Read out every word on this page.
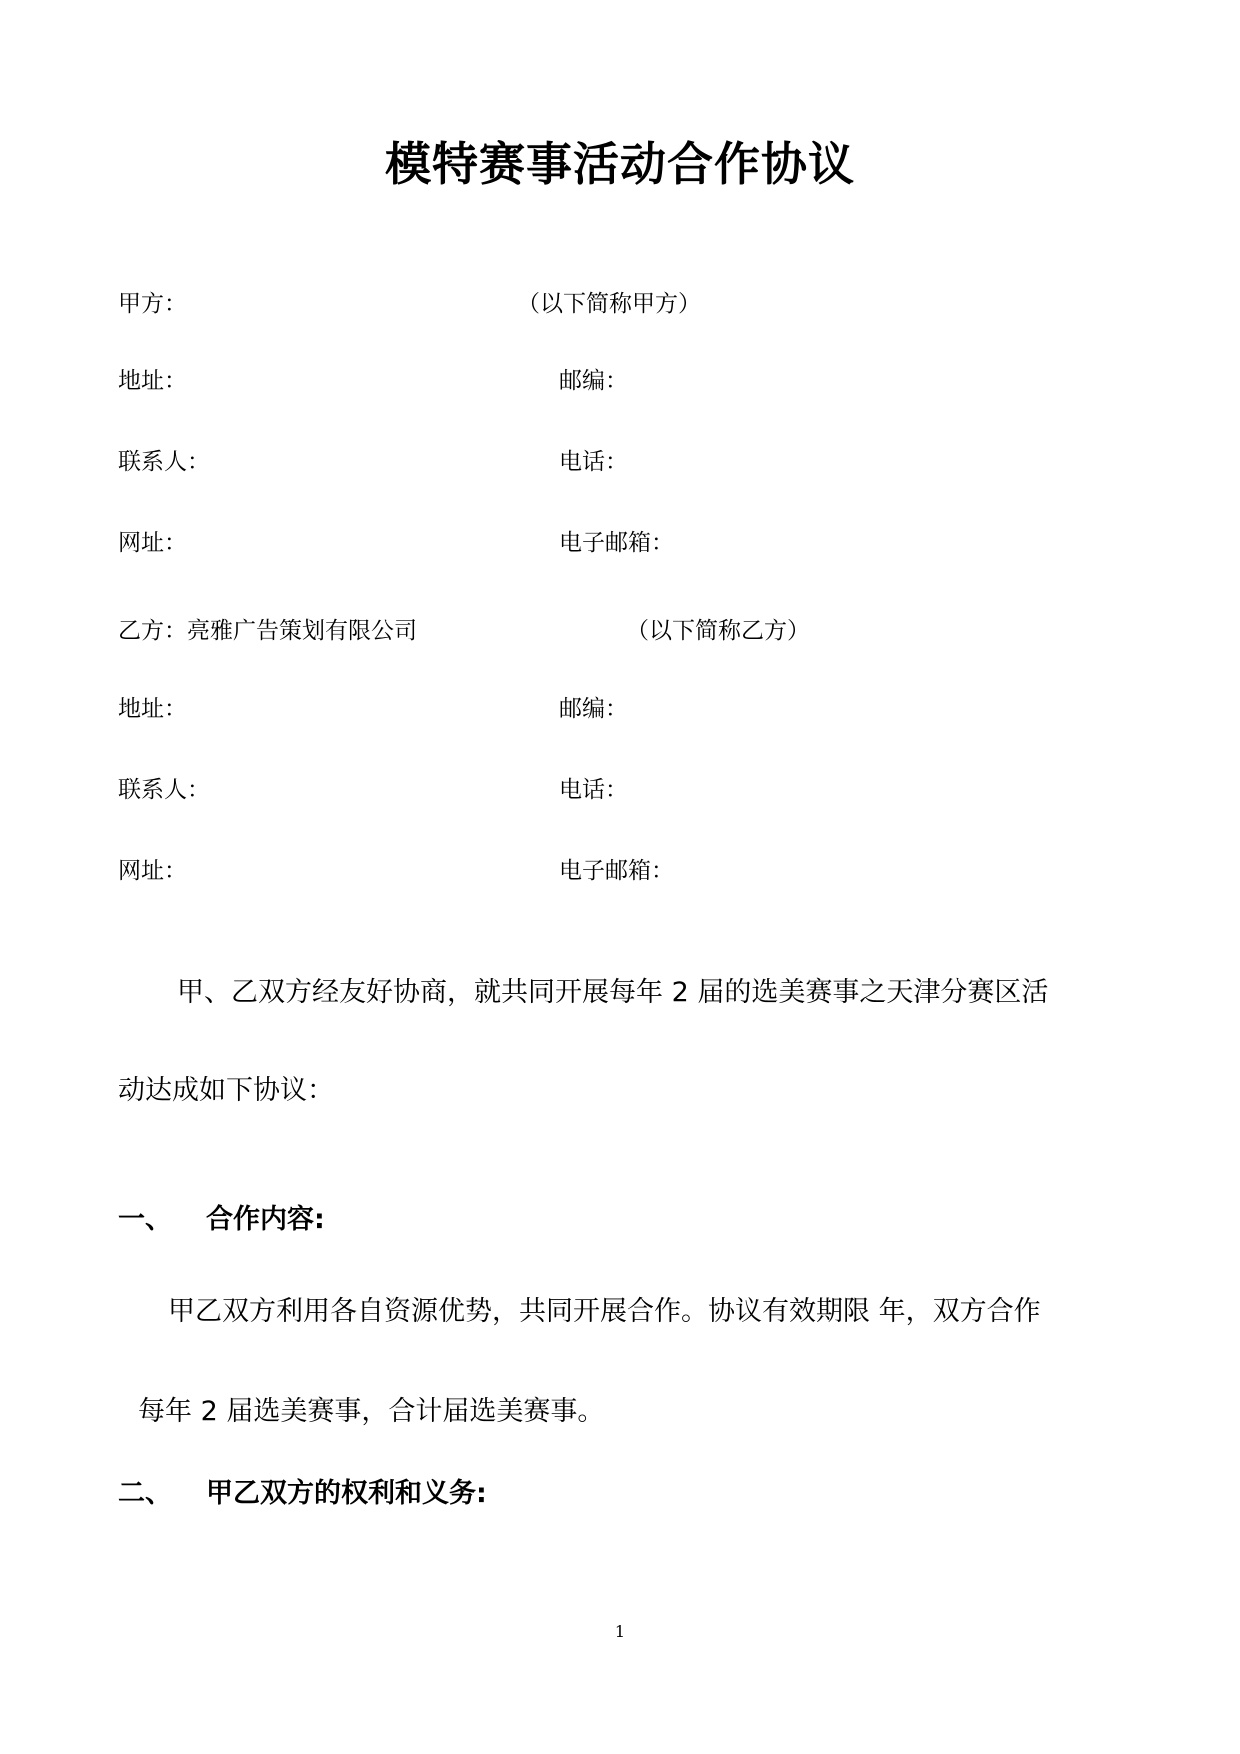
模特赛事活动合作协议
甲方：	（以下简称甲方）
地址：	邮编：
联系人：	电话：
网址：	电子邮箱：
乙方：亮雅广告策划有限公司	（以下简称乙方）
地址：	邮编：
联系人：	电话：
网址：	电子邮箱：
甲、乙双方经友好协商，就共同开展每年 2 届的选美赛事之天津分赛区活
动达成如下协议：
一、 合作内容:
甲乙双方利用各自资源优势，共同开展合作。协议有效期限 年，双方合作
每年 2 届选美赛事，合计届选美赛事。
二、 甲乙双方的权利和义务:
1
